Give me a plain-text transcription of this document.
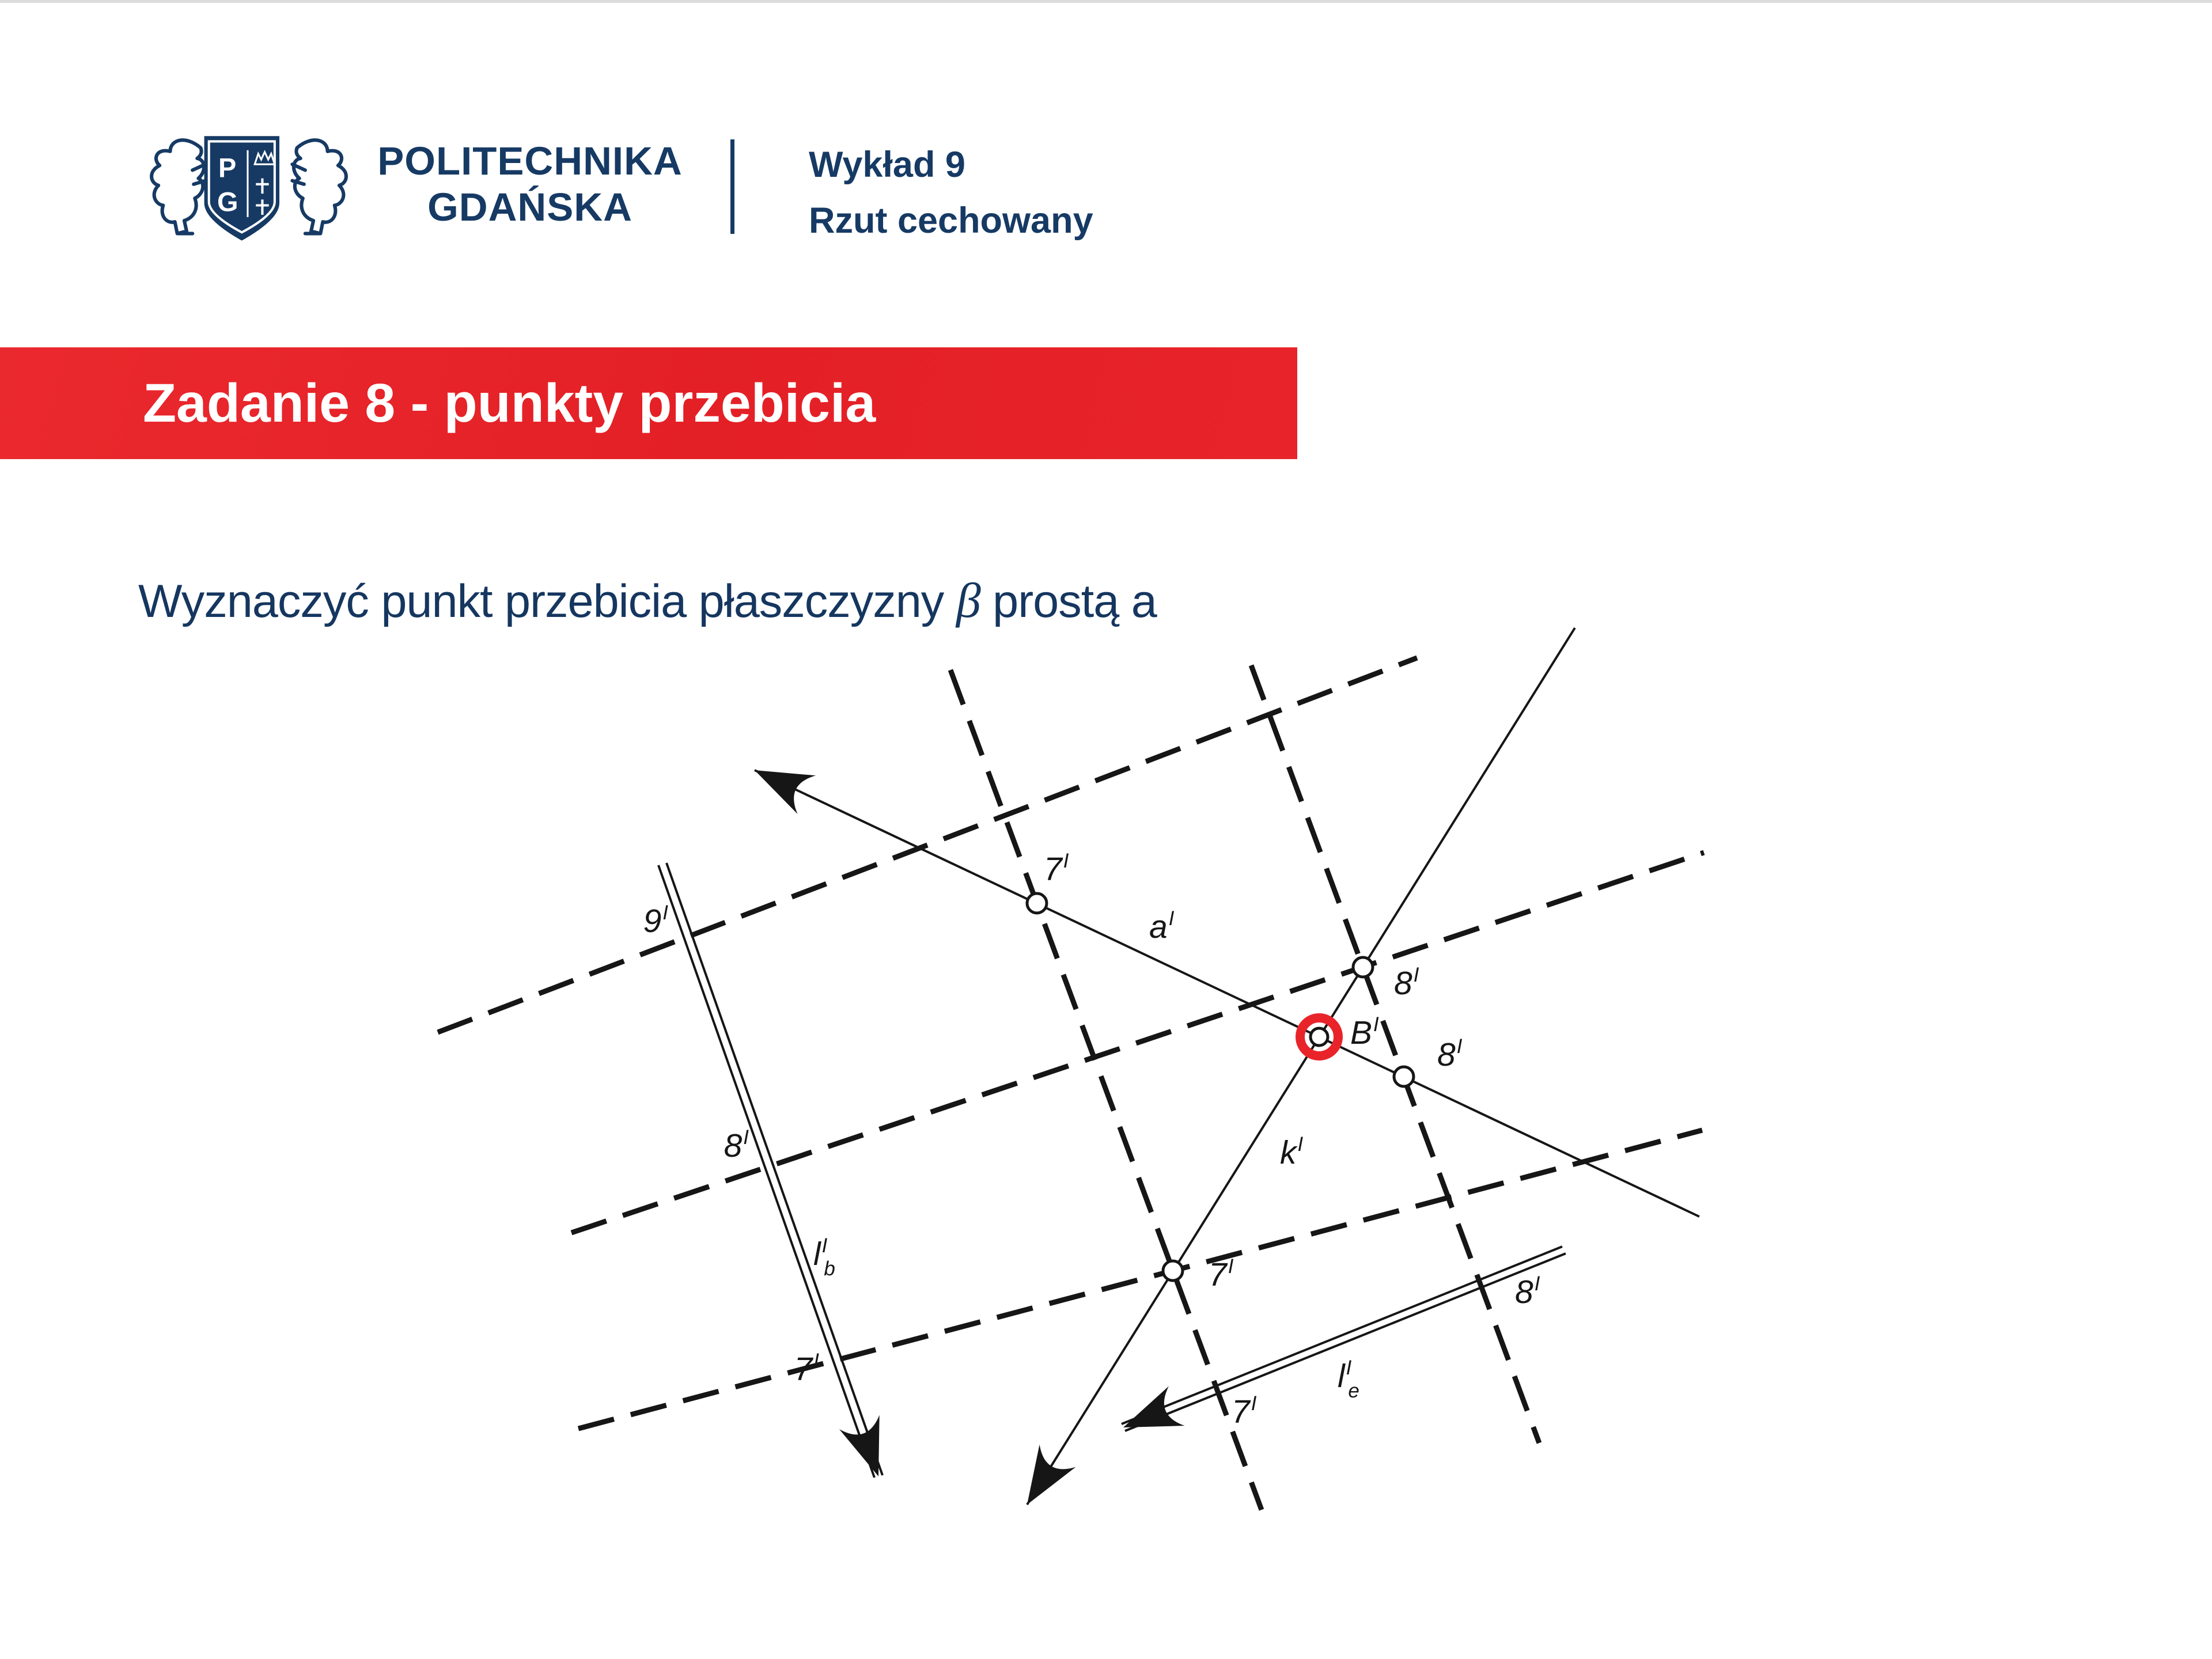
P
G
POLITECHNIKA
GDAŃSKA
Wykład 9
Rzut cechowany
Zadanie 8 - punkty przebicia
Wyznaczyć punkt przebicia płaszczyzny β prostą a
$9^I$
$8^I$
$7^I$
$l^I$ b
$7^I$
$a^I$
$8^I$
$B^I$
$8^I$
$k^I$
$7^I$
$7^I$
$l^I$ e
$8^I$
